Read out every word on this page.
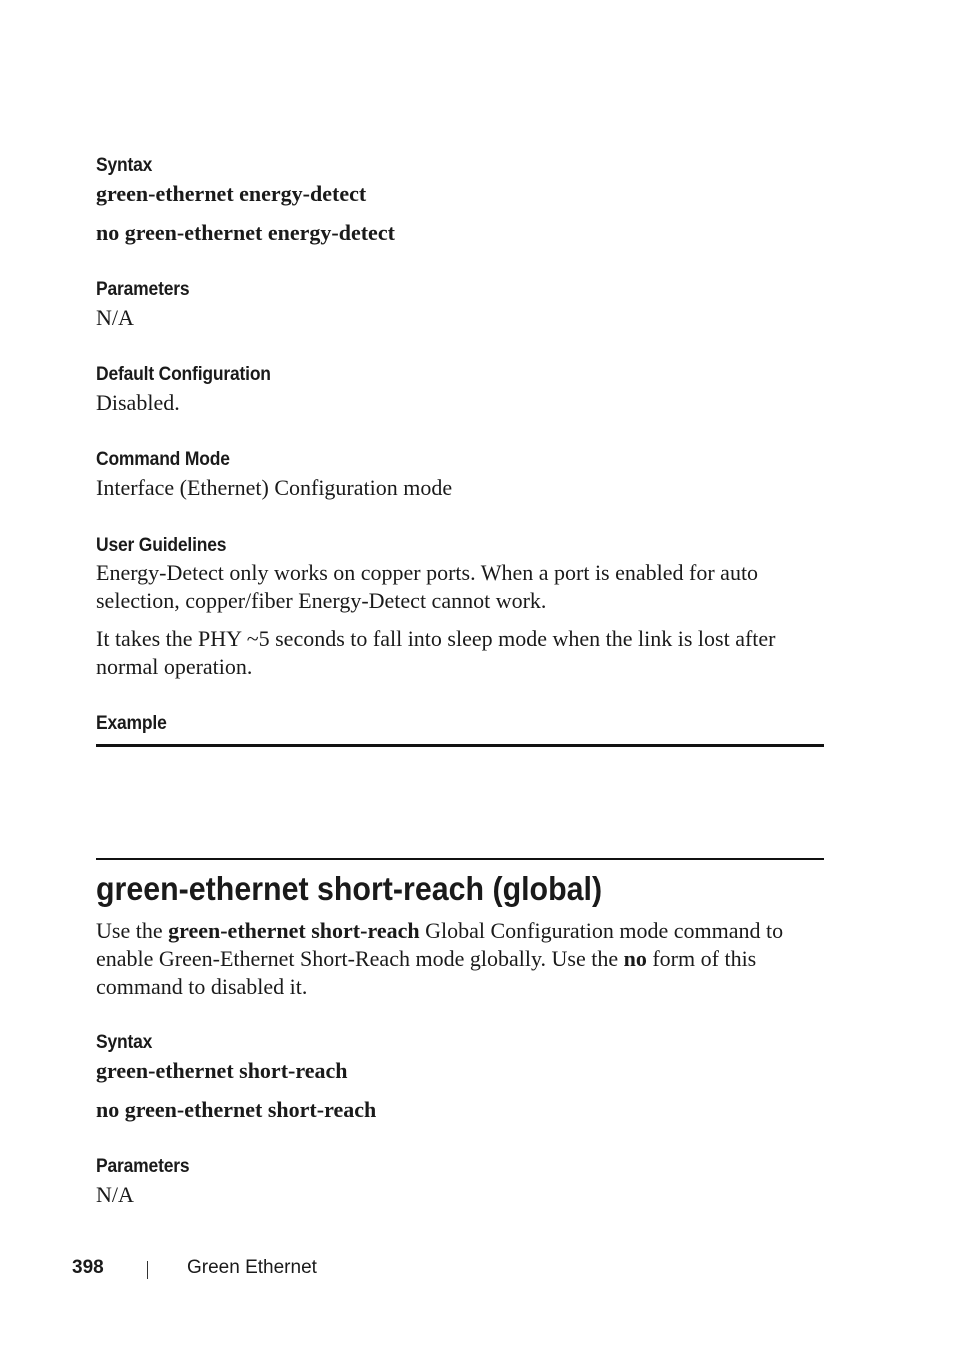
Syntax
green-ethernet energy-detect
no green-ethernet energy-detect
Parameters
N/A
Default Configuration
Disabled.
Command Mode
Interface (Ethernet) Configuration mode
User Guidelines
Energy-Detect only works on copper ports. When a port is enabled for auto selection, copper/fiber Energy-Detect cannot work.
It takes the PHY ~5 seconds to fall into sleep mode when the link is lost after normal operation.
Example
green-ethernet short-reach (global)
Use the green-ethernet short-reach Global Configuration mode command to enable Green-Ethernet Short-Reach mode globally. Use the no form of this command to disabled it.
Syntax
green-ethernet short-reach
no green-ethernet short-reach
Parameters
N/A
398	Green Ethernet
